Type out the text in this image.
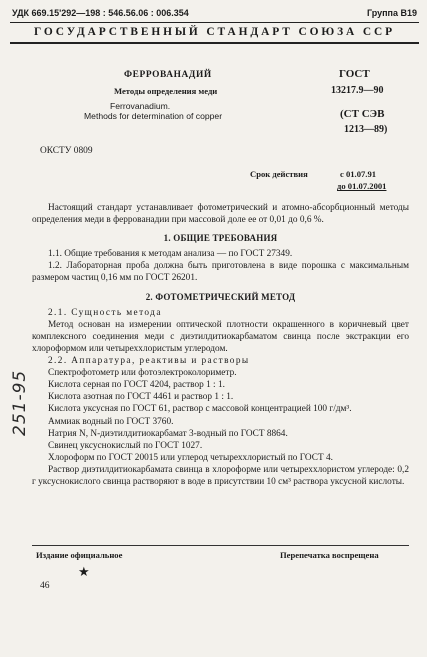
УДК 669.15'292—198 : 546.56.06 : 006.354	Группа В19
ГОСУДАРСТВЕННЫЙ СТАНДАРТ СОЮЗА ССР
ФЕРРОВАНАДИЙ
Методы определения меди
Ferrovanadium.
Methods for determination of copper
ГОСТ
13217.9—90
(СТ СЭВ
1213—89)
ОКСТУ 0809
Срок действия	с 01.07.91
до 01.07.2001

Настоящий стандарт устанавливает фотометрический и атомно-абсорбционный методы определения меди в феррованадии при массовой доле ее от 0,01 до 0,6 %.

1. ОБЩИЕ ТРЕБОВАНИЯ

1.1. Общие требования к методам анализа — по ГОСТ 27349.

1.2. Лабораторная проба должна быть приготовлена в виде порошка с максимальным размером частиц 0,16 мм по ГОСТ 26201.

2. ФОТОМЕТРИЧЕСКИЙ МЕТОД

2.1. Сущность метода

Метод основан на измерении оптической плотности окрашенного в коричневый цвет комплексного соединения меди с диэтилдитиокарбаматом свинца после экстракции его хлороформом или четыреххлористым углеродом.

2.2. Аппаратура, реактивы и растворы

Спектрофотометр или фотоэлектроколориметр.

Кислота серная по ГОСТ 4204, раствор 1 : 1.

Кислота азотная по ГОСТ 4461 и раствор 1 : 1.

Кислота уксусная по ГОСТ 61, раствор с массовой концентрацией 100 г/дм³.

Аммиак водный по ГОСТ 3760.

Натрия N, N-диэтилдитиокарбамат 3-водный по ГОСТ 8864.

Свинец уксуснокислый по ГОСТ 1027.

Хлороформ по ГОСТ 20015 или углерод четыреххлористый по ГОСТ 4.

Раствор диэтилдитиокарбамата свинца в хлороформе или четыреххлористом углероде: 0,2 г уксуснокислого свинца растворяют в воде в присутствии 10 см³ раствора уксусной кислоты.

251-95
Издание официальное	Перепечатка воспрещена
★
46
